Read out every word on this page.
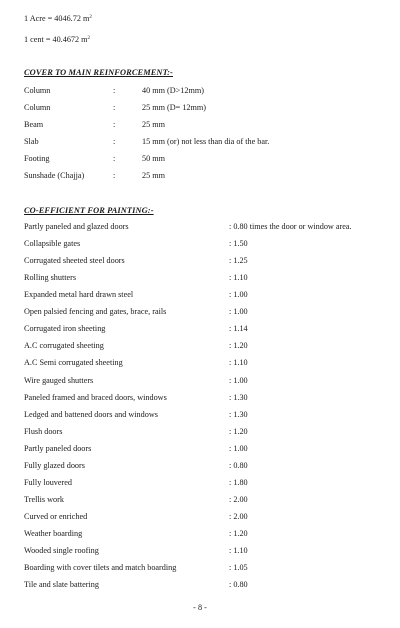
1 Acre = 4046.72 $m^2$
1 cent = 40.4672 $m^2$
COVER TO MAIN REINFORCEMENT:-
Column	:	40 mm (D>12mm)
Column	:	25 mm (D= 12mm)
Beam	:	25 mm
Slab	:	15 mm (or) not less than dia of the bar.
Footing	:	50 mm
Sunshade (Chajja)	:	25 mm
CO-EFFICIENT FOR PAINTING:-
Partly paneled and glazed doors	: 0.80 times the door or window area.
Collapsible gates	: 1.50
Corrugated sheeted steel doors	: 1.25
Rolling shutters	: 1.10
Expanded metal hard drawn steel	: 1.00
Open palsied fencing and gates, brace, rails	: 1.00
Corrugated iron sheeting	: 1.14
A.C corrugated sheeting	: 1.20
A.C Semi corrugated sheeting	: 1.10
Wire gauged shutters	: 1.00
Paneled framed and braced doors, windows	: 1.30
Ledged and battened doors and windows	: 1.30
Flush doors	: 1.20
Partly paneled doors	: 1.00
Fully glazed doors	: 0.80
Fully louvered	: 1.80
Trellis work	: 2.00
Curved or enriched	: 2.00
Weather boarding	: 1.20
Wooded single roofing	: 1.10
Boarding with cover tilets and match boarding	: 1.05
Tile and slate battering	: 0.80
- 8 -
